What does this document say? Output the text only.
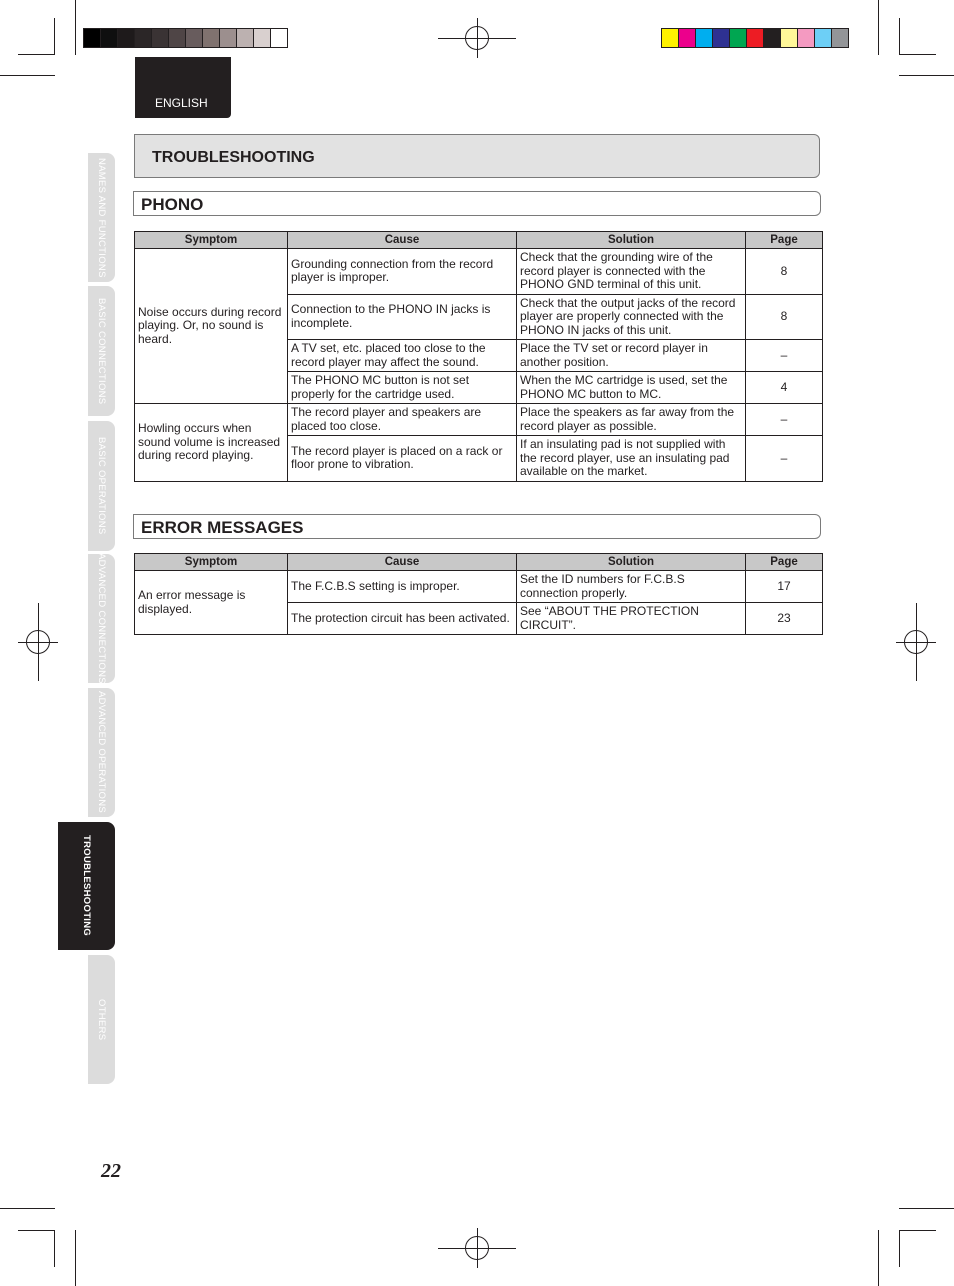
ENGLISH
TROUBLESHOOTING
PHONO
Symptom	Cause	Solution	Page
Noise occurs during record playing. Or, no sound is heard.	Grounding connection from the record player is improper.	Check that the grounding wire of the record player is connected with the PHONO GND terminal of this unit.	8
	Connection to the PHONO IN jacks is incomplete.	Check that the output jacks of the record player are properly connected with the PHONO IN jacks of this unit.	8
	A TV set, etc. placed too close to the record player may affect the sound.	Place the TV set or record player in another position.	–
	The PHONO MC button is not set properly for the cartridge used.	When the MC cartridge is used, set the PHONO MC button to MC.	4
Howling occurs when sound volume is increased during record playing.	The record player and speakers are placed too close.	Place the speakers as far away from the record player as possible.	–
	The record player is placed on a rack or floor prone to vibration.	If an insulating pad is not supplied with the record player, use an insulating pad available on the market.	–
ERROR MESSAGES
Symptom	Cause	Solution	Page
An error message is displayed.	The F.C.B.S setting is improper.	Set the ID numbers for F.C.B.S connection properly.	17
	The protection circuit has been activated.	See “ABOUT THE PROTECTION CIRCUIT”.	23
NAMES AND FUNCTIONS
BASIC CONNECTIONS
BASIC OPERATIONS
ADVANCED CONNECTIONS
ADVANCED OPERATIONS
TROUBLESHOOTING
OTHERS
22
